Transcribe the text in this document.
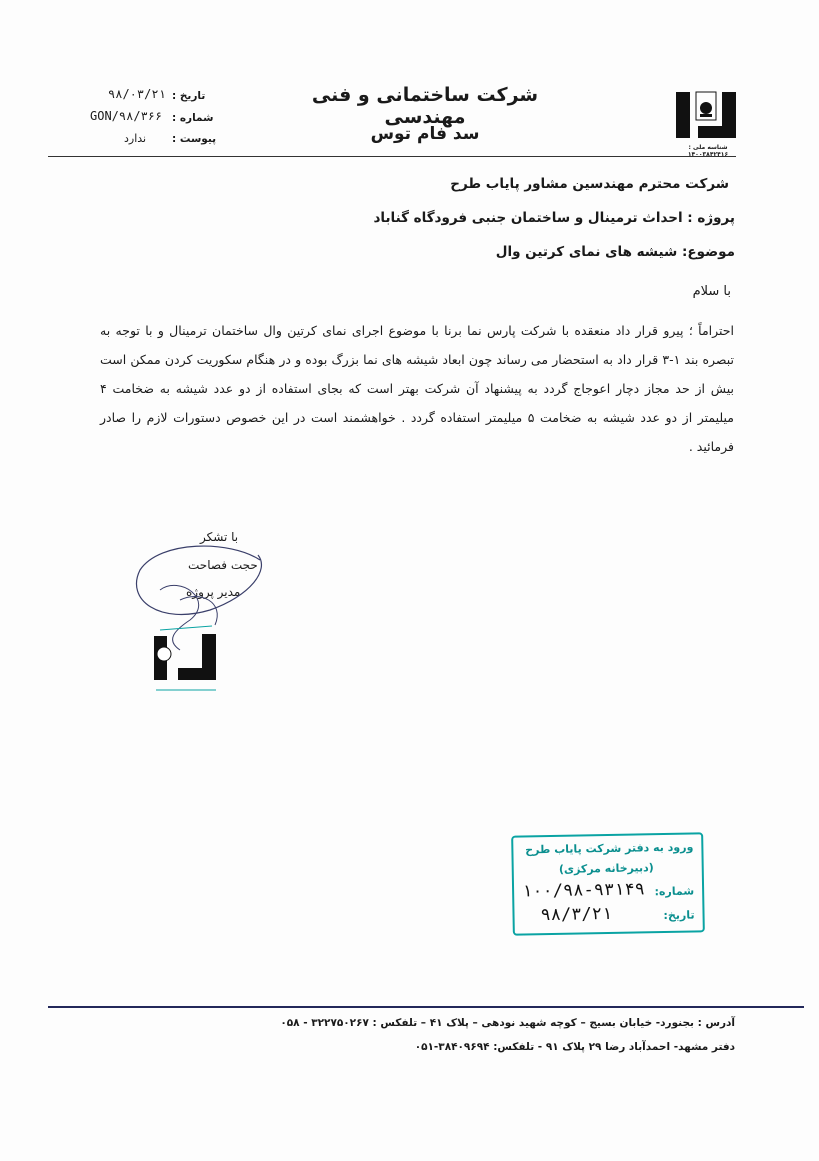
شرکت ساختمانی و فنی مهندسی
سد فام توس
تاریخ :
۹۸/۰۳/۲۱
شماره :
GON/۹۸/۳۶۶
پیوست :
ندارد
شناسه ملی : ۱۴۰۰۳۸۴۲۴۱۶
شرکت محترم مهندسین مشاور پایاب طرح
پروژه : احداث ترمینال و ساختمان جنبی فرودگاه گناباد
موضوع: شیشه های نمای کرتین وال
با سلام
احتراماً ؛ پیرو قرار داد منعقده با شرکت پارس نما برنا با موضوع اجرای نمای کرتین وال ساختمان ترمینال و با توجه به تبصره بند ۱-۳ قرار داد به استحضار می رساند چون ابعاد شیشه های نما بزرگ بوده و در هنگام سکوریت کردن ممکن است بیش از حد مجاز دچار اعوجاج گردد به پیشنهاد آن شرکت بهتر است که بجای استفاده از دو عدد شیشه به ضخامت ۴ میلیمتر از دو عدد شیشه به ضخامت ۵ میلیمتر استفاده گردد . خواهشمند است در این خصوص دستورات لازم را صادر فرمائید .
با تشکر
حجت فصاحت
مدیر پروژه
ورود به دفتر شرکت پایاب طرح
(دبیرخانه مرکزی)
شماره:
۱۰۰/۹۸-۹۳۱۴۹
تاریخ:
۹۸/۳/۲۱
آدرس : بجنورد- خیابان بسیج – کوچه شهید نودهی – پلاک ۴۱ – تلفکس : ۳۲۲۷۵۰۲۶۷ - ۰۵۸
دفتر مشهد- احمدآباد رضا ۲۹ پلاک ۹۱ - تلفکس: ۳۸۴۰۹۶۹۴-۰۵۱
